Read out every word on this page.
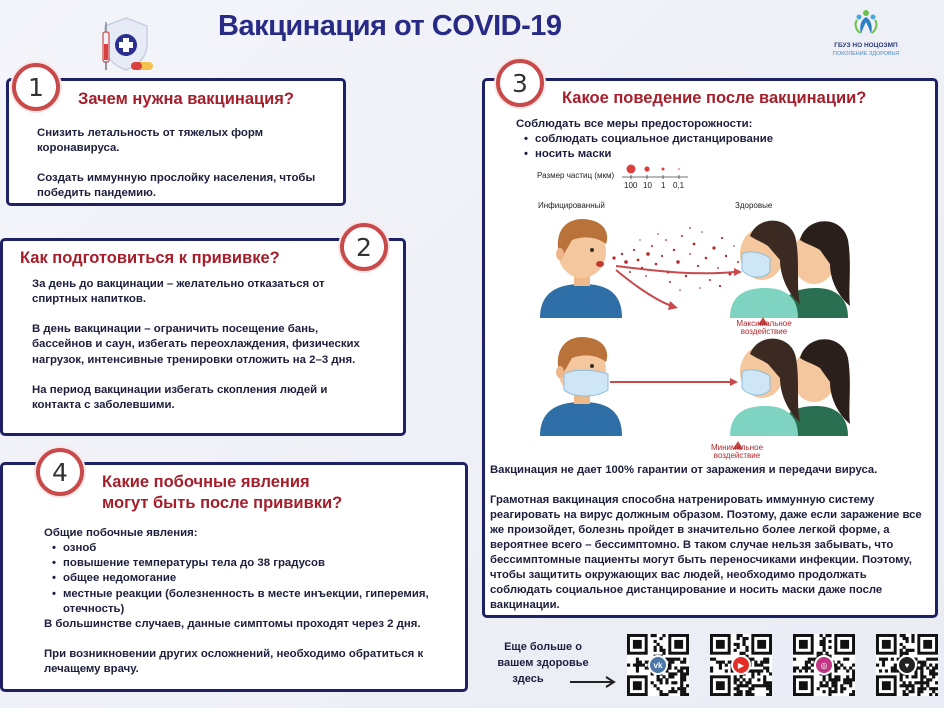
Вакцинация от COVID-19
ГБУЗ НО НОЦОЗМП
ПОКОЛЕНИЕ ЗДОРОВЬЯ
1	Зачем нужна вакцинация?

Снизить летальность от тяжелых форм коронавируса.

Создать иммунную прослойку населения, чтобы победить пандемию.

2
Как подготовиться к прививке?

За день до вакцинации – желательно отказаться от спиртных напитков.

В день вакцинации – ограничить посещение бань, бассейнов и саун, избегать переохлаждения, физических нагрузок, интенсивные тренировки отложить на 2–3 дня.

На период вакцинации избегать скопления людей и контакта с заболевшими.

4	Какие побочные явления
могут быть после прививки?

Общие побочные явления:

• озноб
• повышение температуры тела до 38 градусов
• общее недомогание
• местные реакции (болезненность в месте инъекции, гиперемия, отечность)

В большинстве случаев, данные симптомы проходят через 2 дня.

При возникновении других осложнений, необходимо обратиться к лечащему врачу.

3
Какое поведение после вакцинации?

Соблюдать все меры предосторожности:

• соблюдать социальное дистанцирование
• носить маски
Размер частиц (мкм)
100 10 1 0,1
Инфицированный	Здоровые
Максимальное
воздействие
Минимальное
воздействие

Вакцинация не дает 100% гарантии от заражения и передачи вируса.

Грамотная вакцинация способна натренировать иммунную систему реагировать на вирус должным образом. Поэтому, даже если заражение все же произойдет, болезнь пройдет в значительно более легкой форме, а вероятнее всего – бессимптомно. В таком случае нельзя забывать, что бессимптомные пациенты могут быть переносчиками инфекции. Поэтому, чтобы защитить окружающих вас людей, необходимо продолжать соблюдать социальное дистанцирование и носить маски даже после вакцинации.

Еще больше о
вашем здоровье
здесь
vk	▶	◎	♥
